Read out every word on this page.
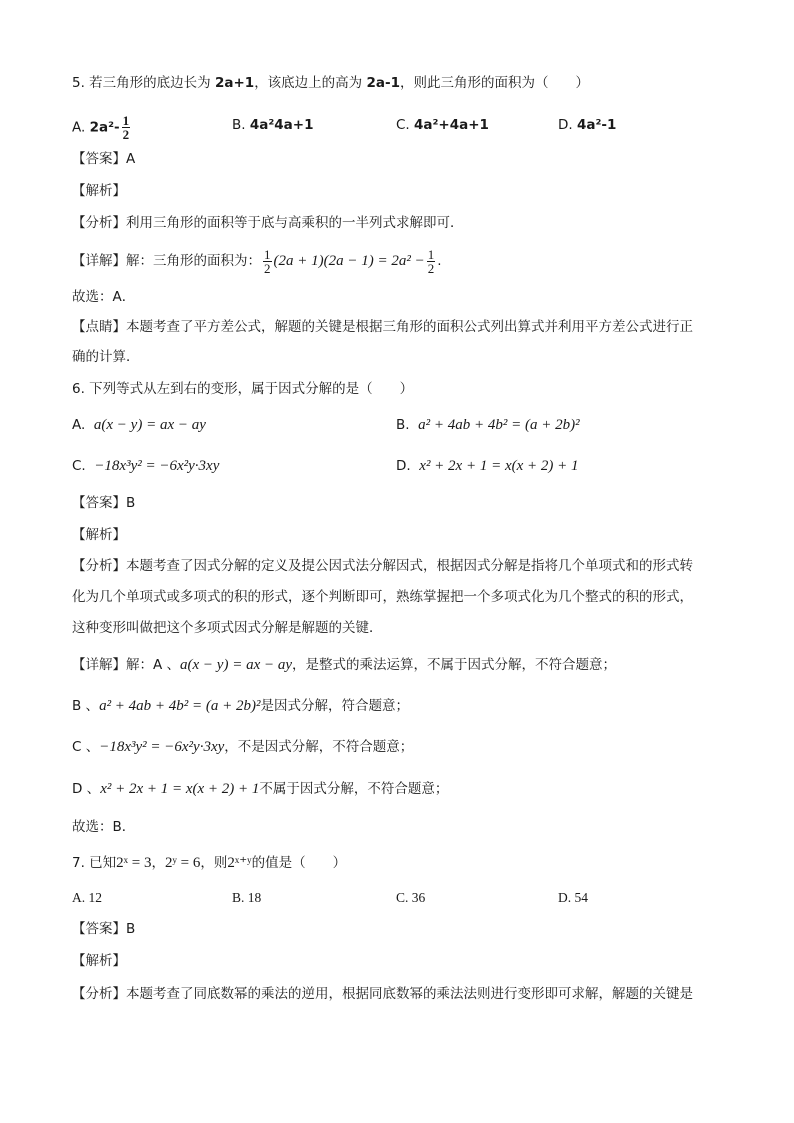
5. 若三角形的底边长为 2a+1，该底边上的高为 2a-1，则此三角形的面积为（　　）
A. $2a^2- \frac{1}{2}$	B. 4a²4a+1	C. 4a²+4a+1	D. 4a²-1
【答案】A
【解析】
【分析】利用三角形的面积等于底与高乘积的一半列式求解即可．
【详解】解：三角形的面积为： $\frac{1}{2} (2a + 1)(2a - 1) = 2a^2 - \frac{1}{2}$ .
故选：A．
【点睛】本题考查了平方差公式，解题的关键是根据三角形的面积公式列出算式并利用平方差公式进行正
确的计算．
6. 下列等式从左到右的变形，属于因式分解的是（　　）
A. a(x − y) = ax − ay	B. a² + 4ab + 4b² = (a + 2b)²
C. −18x³y² = −6x²y·3xy	D. x² + 2x + 1 = x(x + 2) + 1
【答案】B
【解析】
【分析】本题考查了因式分解的定义及提公因式法分解因式，根据因式分解是指将几个单项式和的形式转
化为几个单项式或多项式的积的形式，逐个判断即可，熟练掌握把一个多项式化为几个整式的积的形式，
这种变形叫做把这个多项式因式分解是解题的关键．
【详解】解：A 、a(x − y) = ax − ay，是整式的乘法运算，不属于因式分解，不符合题意；
B 、a² + 4ab + 4b² = (a + 2b)²是因式分解，符合题意；
C 、−18x³y² = −6x²y·3xy，不是因式分解，不符合题意；
D 、x² + 2x + 1 = x(x + 2) + 1不属于因式分解，不符合题意；
故选：B．
7. 已知2ˣ = 3，2ʸ = 6，则2ˣ⁺ʸ的值是（　　）
A. 12	B. 18	C. 36	D. 54
【答案】B
【解析】
【分析】本题考查了同底数幂的乘法的逆用，根据同底数幂的乘法法则进行变形即可求解，解题的关键是
